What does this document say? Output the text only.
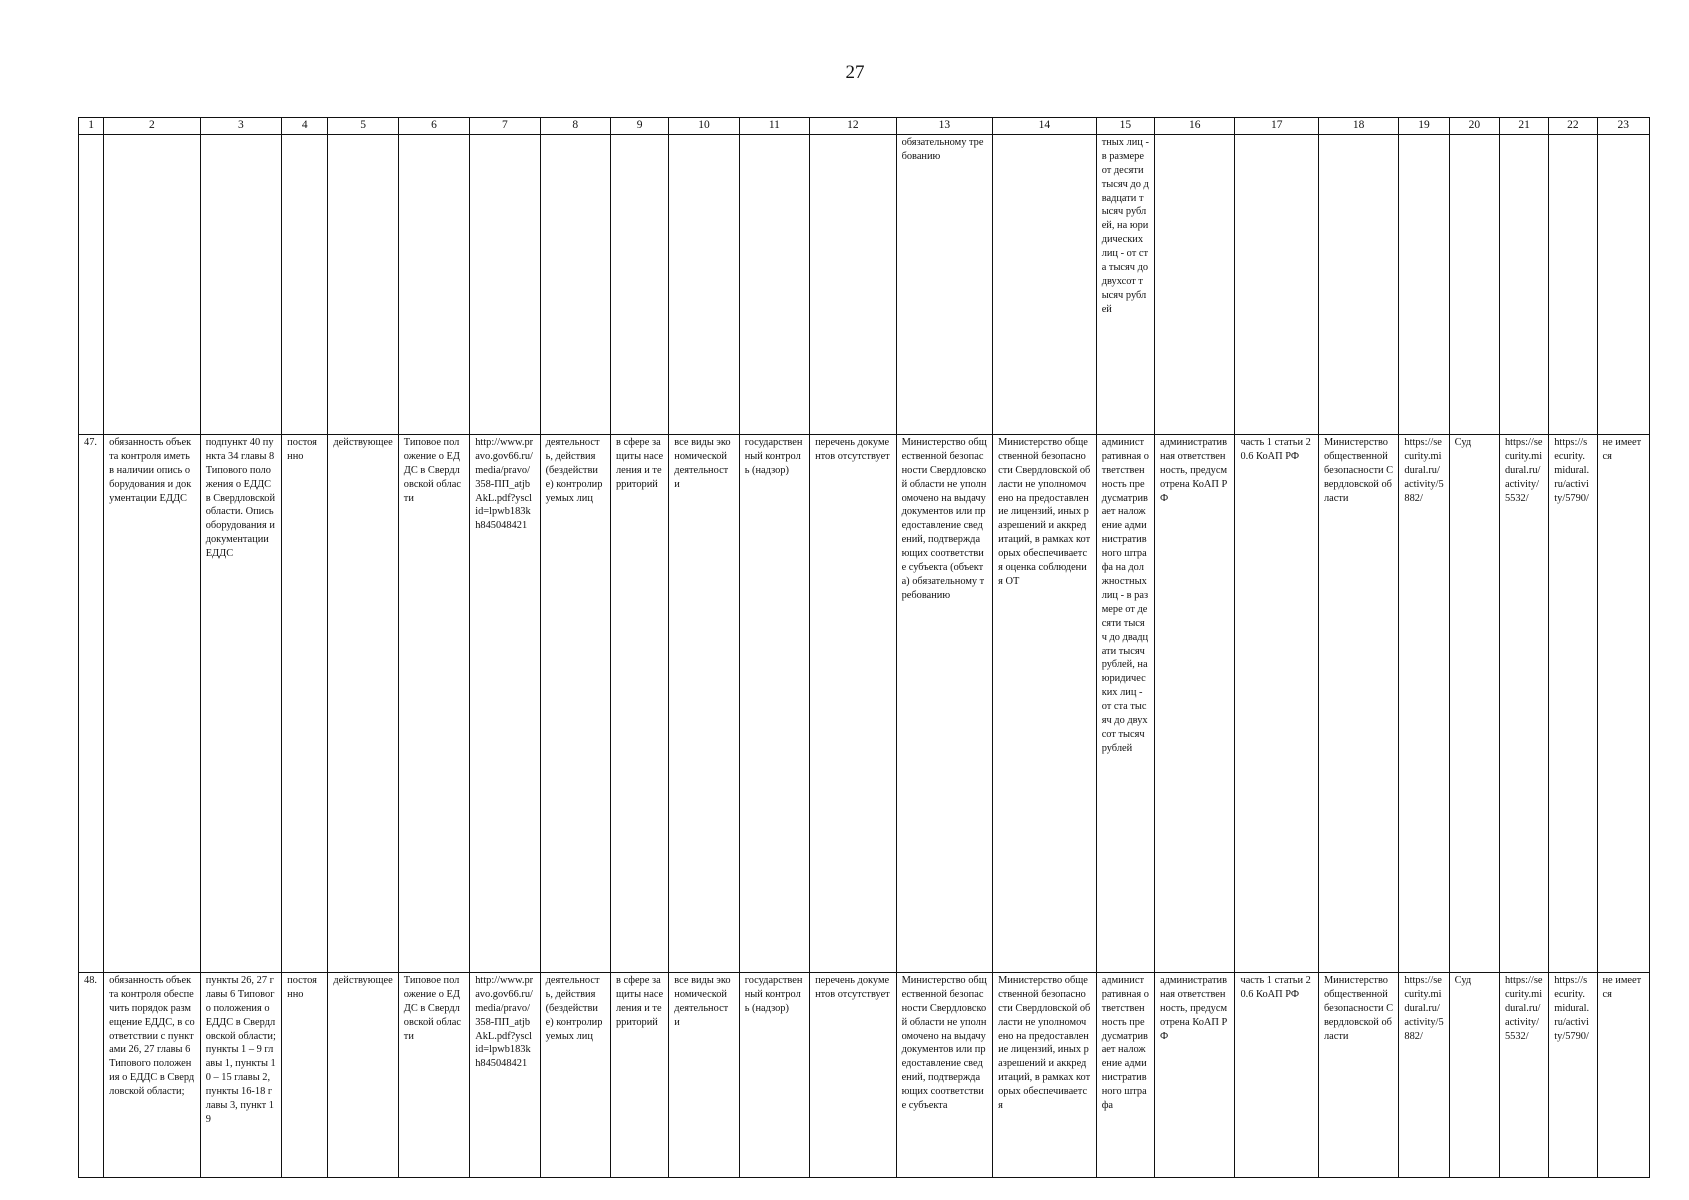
27
1	2	3	4	5	6	7	8	9	10	11	12	13	14	15	16	17	18	19	20	21	22	23
												обязательному требованию		тных лиц - в размере от десяти тысяч до двадцати тысяч рублей, на юридических лиц - от ста тысяч до двухсот тысяч рублей								
47.	обязанность объекта контроля иметь в наличии опись оборудования и документации ЕДДС	подпункт 40 пункта 34 главы 8 Типового положения о ЕДДС в Свердловской области. Опись оборудования и документации ЕДДС	постоянно	действующее	Типовое положение о ЕДДС в Свердловской области	http://www.pravo.gov66.ru/media/pravo/358-ПП_atjbAkL.pdf?ysclid=lpwb183kh845048421	деятельность, действия (бездействие) контролируемых лиц	в сфере защиты населения и территорий	все виды экономической деятельности	государственный контроль (надзор)	перечень документов отсутствует	Министерство общественной безопасности Свердловской области не уполномочено на выдачу документов или предоставление сведений, подтверждающих соответствие субъекта (объекта) обязательному требованию	Министерство общественной безопасности Свердловской области не уполномочено на предоставление лицензий, иных разрешений и аккредитаций, в рамках которых обеспечивается оценка соблюдения ОТ	административная ответственность предусматривает наложение административного штрафа на должностных лиц - в размере от десяти тысяч до двадцати тысяч рублей, на юридических лиц - от ста тысяч до двухсот тысяч рублей	административная ответственность, предусмотрена КоАП РФ	часть 1 статьи 20.6 КоАП РФ	Министерство общественной безопасности Свердловской области	https://security.midural.ru/activity/5882/	Суд	https://security.midural.ru/activity/5532/	https://security.midural.ru/activity/5790/	не имеется
48.	обязанность объекта контроля обеспечить порядок размещение ЕДДС, в соответствии с пунктами 26, 27 главы 6 Типового положения о ЕДДС в Свердловской области;	пункты 26, 27 главы 6 Типового положения о ЕДДС в Свердловской области; пункты 1 – 9 главы 1, пункты 10 – 15 главы 2, пункты 16-18 главы 3, пункт 19	постоянно	действующее	Типовое положение о ЕДДС в Свердловской области	http://www.pravo.gov66.ru/media/pravo/358-ПП_atjbAkL.pdf?ysclid=lpwb183kh845048421	деятельность, действия (бездействие) контролируемых лиц	в сфере защиты населения и территорий	все виды экономической деятельности	государственный контроль (надзор)	перечень документов отсутствует	Министерство общественной безопасности Свердловской области не уполномочено на выдачу документов или предоставление сведений, подтверждающих соответствие субъекта	Министерство общественной безопасности Свердловской области не уполномочено на предоставление лицензий, иных разрешений и аккредитаций, в рамках которых обеспечивается	административная ответственность предусматривает наложение административного штрафа	административная ответственность, предусмотрена КоАП РФ	часть 1 статьи 20.6 КоАП РФ	Министерство общественной безопасности Свердловской области	https://security.midural.ru/activity/5882/	Суд	https://security.midural.ru/activity/5532/	https://security.midural.ru/activity/5790/	не имеется
